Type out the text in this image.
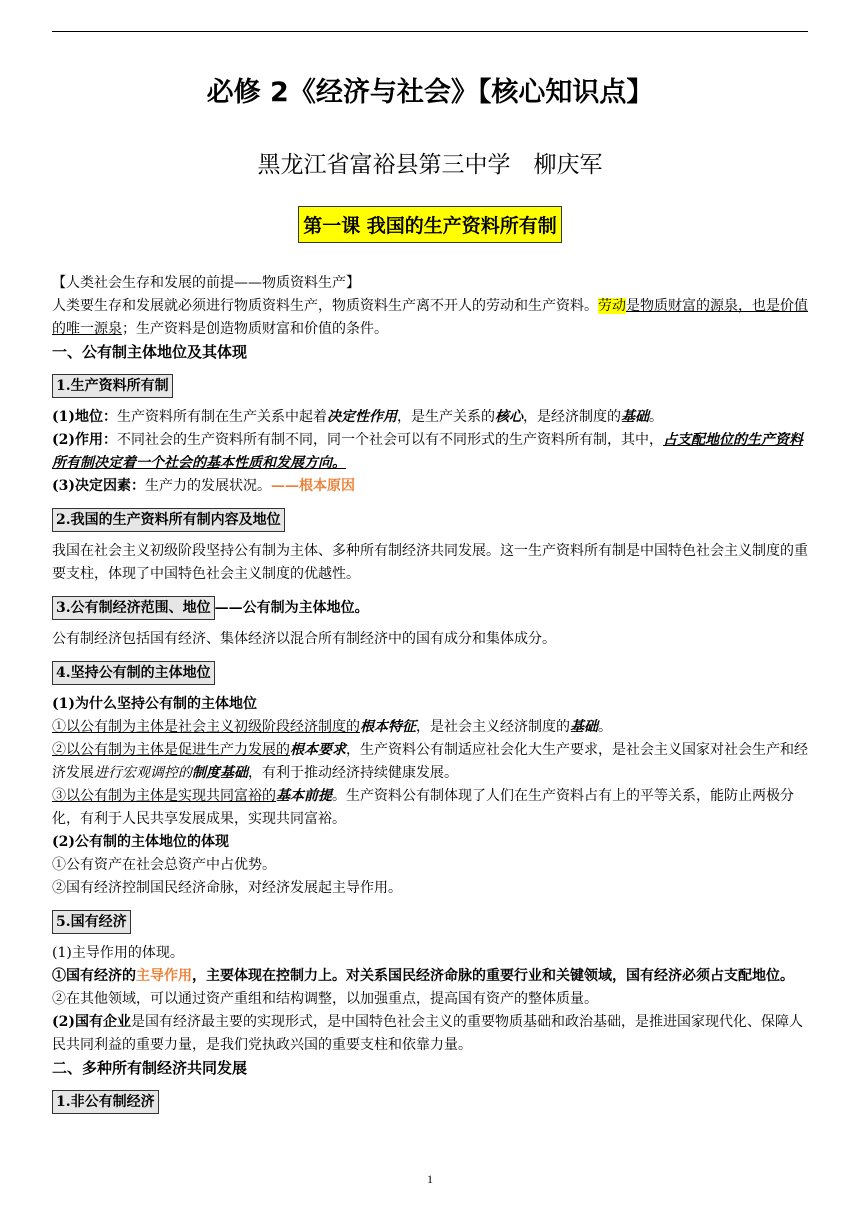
必修 2《经济与社会》【核心知识点】
黑龙江省富裕县第三中学　柳庆军
第一课 我国的生产资料所有制

【人类社会生存和发展的前提——物质资料生产】

人类要生存和发展就必须进行物质资料生产，物质资料生产离不开人的劳动和生产资料。劳动是物质财富的源泉，也是价值的唯一源泉；生产资料是创造物质财富和价值的条件。

一、公有制主体地位及其体现

1.生产资料所有制

(1)地位：生产资料所有制在生产关系中起着决定性作用，是生产关系的核心，是经济制度的基础。

(2)作用：不同社会的生产资料所有制不同，同一个社会可以有不同形式的生产资料所有制，其中，占支配地位的生产资料所有制决定着一个社会的基本性质和发展方向。

(3)决定因素：生产力的发展状况。——根本原因

2.我国的生产资料所有制内容及地位

我国在社会主义初级阶段坚持公有制为主体、多种所有制经济共同发展。这一生产资料所有制是中国特色社会主义制度的重要支柱，体现了中国特色社会主义制度的优越性。

3.公有制经济范围、地位 ——公有制为主体地位。

公有制经济包括国有经济、集体经济以混合所有制经济中的国有成分和集体成分。

4.坚持公有制的主体地位

(1)为什么坚持公有制的主体地位

①以公有制为主体是社会主义初级阶段经济制度的根本特征，是社会主义经济制度的基础。

②以公有制为主体是促进生产力发展的根本要求，生产资料公有制适应社会化大生产要求，是社会主义国家对社会生产和经济发展进行宏观调控的制度基础，有利于推动经济持续健康发展。

③以公有制为主体是实现共同富裕的基本前提。生产资料公有制体现了人们在生产资料占有上的平等关系，能防止两极分化，有利于人民共享发展成果，实现共同富裕。

(2)公有制的主体地位的体现

①公有资产在社会总资产中占优势。

②国有经济控制国民经济命脉，对经济发展起主导作用。

5.国有经济

(1)主导作用的体现。

①国有经济的主导作用，主要体现在控制力上。对关系国民经济命脉的重要行业和关键领域，国有经济必须占支配地位。

②在其他领域，可以通过资产重组和结构调整，以加强重点，提高国有资产的整体质量。

(2)国有企业是国有经济最主要的实现形式，是中国特色社会主义的重要物质基础和政治基础，是推进国家现代化、保障人民共同利益的重要力量，是我们党执政兴国的重要支柱和依靠力量。

二、多种所有制经济共同发展

1.非公有制经济

1
